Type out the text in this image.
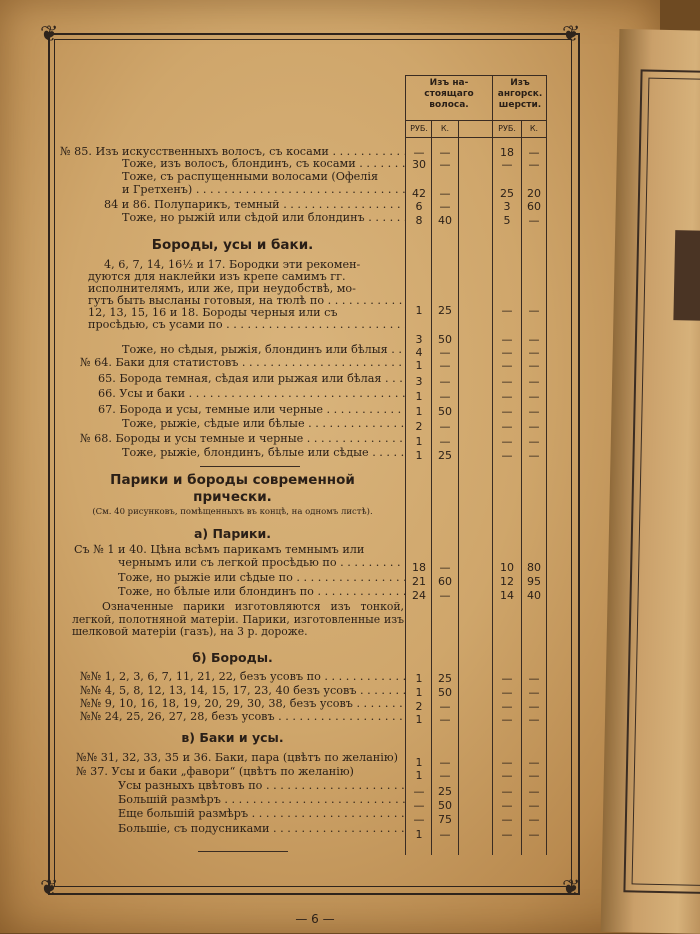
❦	❦
❦	❦
Изъ на-
стоящаго
волоса.
Изъ
ангорск.
шерсти.
РУБ.	К.	РУБ.	К.
№ 85. Изъ искусственныхъ волосъ, съ косами . . .	—	—	18	—
Тоже, изъ волосъ, блондинъ, съ косами . . .	30	—	—	—
Тоже, съ распущенными волосами (Офелія
и Гретхенъ) . . .	42	—	25	20
84 и 86. Полупарикъ, темный . . .	6	—	3	60
Тоже, но рыжій или сѣдой или блондинъ . . .	8	40	5	—
Бороды, усы и баки.
4, 6, 7, 14, 16½ и 17. Бородки эти рекомен-
дуются для наклейки изъ крепе самимъ гг.
исполнителямъ, или же, при неудобствѣ, мо-
гутъ быть высланы готовыя, на тюлѣ по . . .
1	25	—	—
12, 13, 15, 16 и 18. Бороды черныя или съ
просѣдью, съ усами по . . .
3	50	—	—
Тоже, но сѣдыя, рыжія, блондинъ или бѣлыя . . .	4	—	—	—
№ 64. Баки для статистовъ . . .	1	—	—	—
65. Борода темная, сѣдая или рыжая или бѣлая . . .	3	—	—	—
66. Усы и баки . . .	1	—	—	—
67. Борода и усы, темные или черные . . .	1	50	—	—
Тоже, рыжіе, сѣдые или бѣлые . . .	2	—	—	—
№ 68. Бороды и усы темные и черные . . .	1	—	—	—
Тоже, рыжіе, блондинъ, бѣлые или сѣдые . . .	1	25	—	—
Парики и бороды современной
прически.
(См. 40 рисунковъ, помѣщенныхъ въ концѣ, на одномъ листѣ).
а) Парики.
Съ № 1 и 40. Цѣна всѣмъ парикамъ темнымъ или
чернымъ или съ легкой просѣдью по . . .	18	—	10	80
Тоже, но рыжіе или сѣдые по . . .	21	60	12	95
Тоже, но бѣлые или блондинъ по . . .	24	—	14	40
Означенные парики изготовляются изъ тонкой, легкой, полотняной матеріи. Парики, изготовленные изъ шелковой матеріи (газъ), на 3 р. дороже.
б) Бороды.
№№ 1, 2, 3, 6, 7, 11, 21, 22, безъ усовъ по . . .	1	25	—	—
№№ 4, 5, 8, 12, 13, 14, 15, 17, 23, 40 безъ усовъ . . .	1	50	—	—
№№ 9, 10, 16, 18, 19, 20, 29, 30, 38, безъ усовъ . . .	2	—	—	—
№№ 24, 25, 26, 27, 28, безъ усовъ . . .	1	—	—	—
в) Баки и усы.
№№ 31, 32, 33, 35 и 36. Баки, пара (цвѣтъ по желанію)	1	—	—	—
№ 37. Усы и баки „фавори“ (цвѣтъ по желанію)	1	—	—	—
Усы разныхъ цвѣтовъ по . . .	—	25	—	—
Большій размѣръ . . .	—	50	—	—
Еще большій размѣръ . . .	—	75	—	—
Большіе, съ подусниками . . .	1	—	—	—
— 6 —
